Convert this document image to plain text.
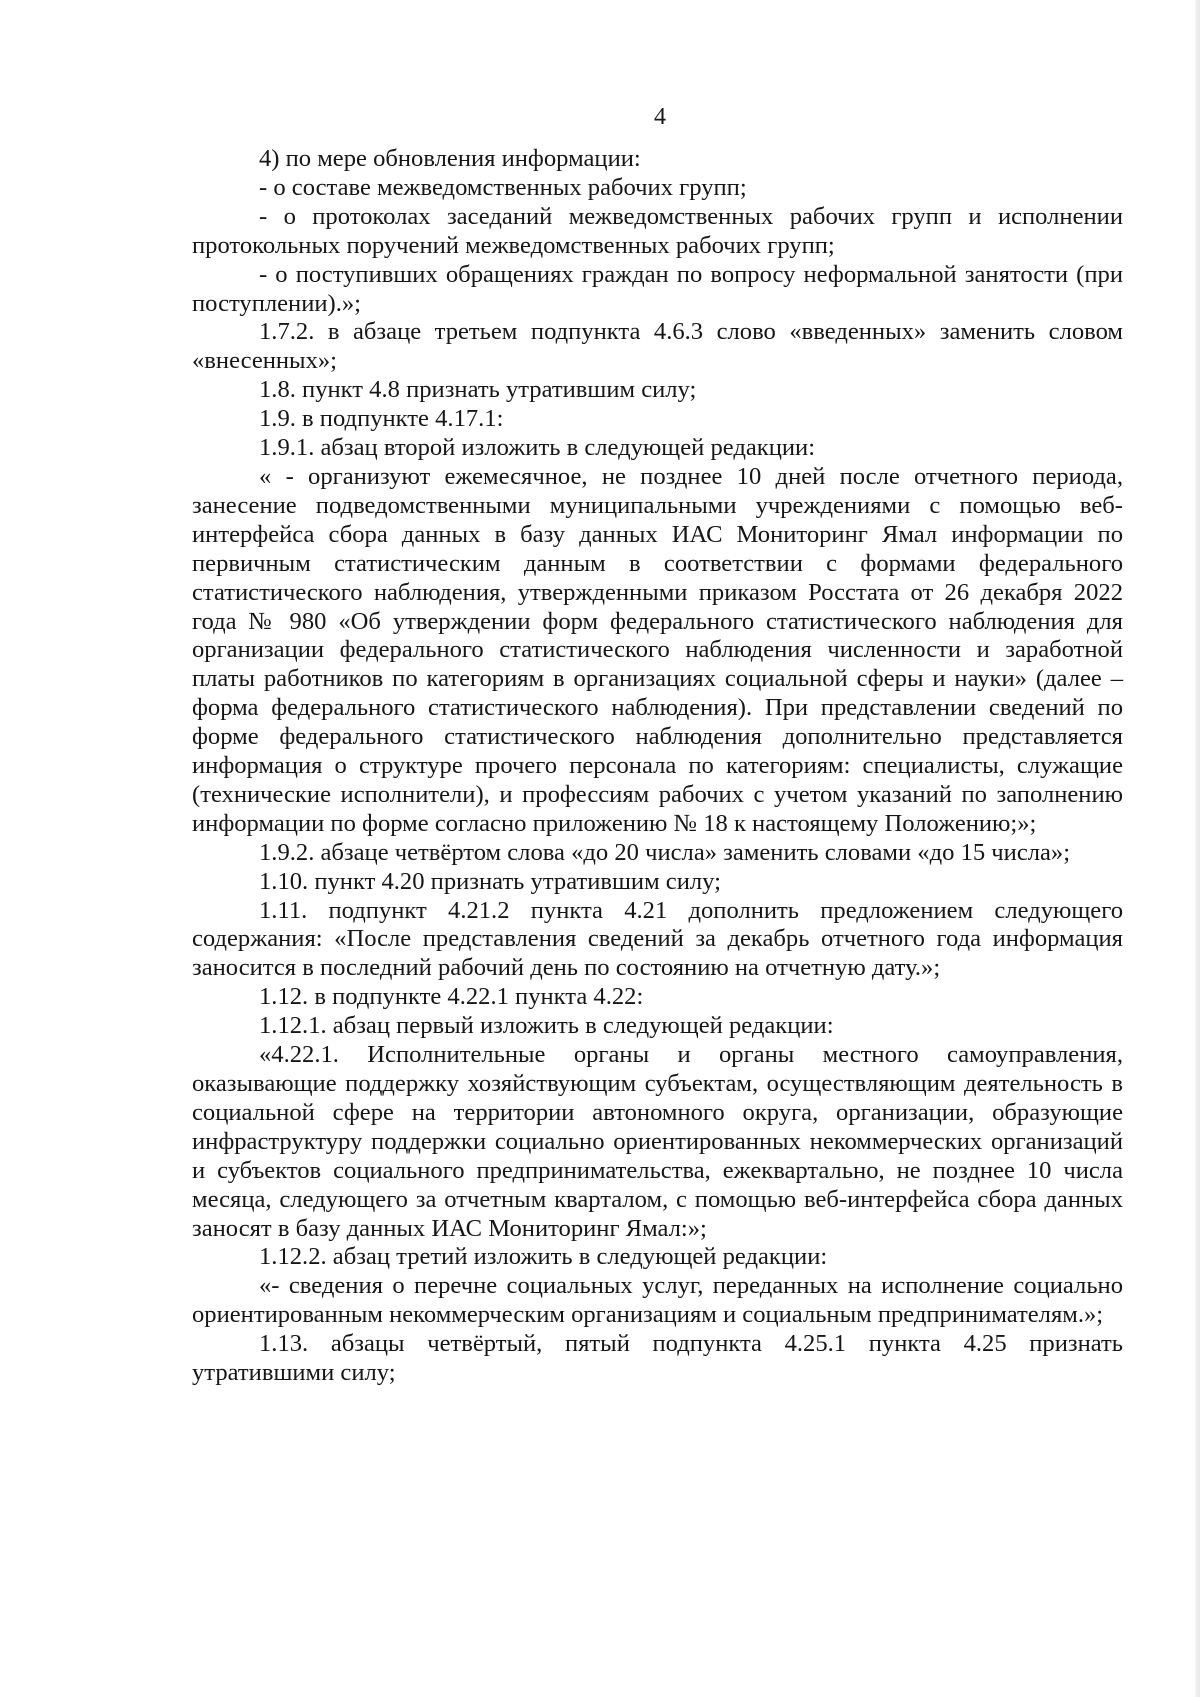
4

4) по мере обновления информации:

- о составе межведомственных рабочих групп;

- о протоколах заседаний межведомственных рабочих групп и исполнении протокольных поручений межведомственных рабочих групп;

- о поступивших обращениях граждан по вопросу неформальной занятости (при поступлении).»;

1.7.2. в абзаце третьем подпункта 4.6.3 слово «введенных» заменить словом «внесенных»;

1.8. пункт 4.8 признать утратившим силу;

1.9. в подпункте 4.17.1:

1.9.1. абзац второй изложить в следующей редакции:

« - организуют ежемесячное, не позднее 10 дней после отчетного периода, занесение подведомственными муниципальными учреждениями с помощью веб-интерфейса сбора данных в базу данных ИАС Мониторинг Ямал информации по первичным статистическим данным в соответствии с формами федерального статистического наблюдения, утвержденными приказом Росстата от 26 декабря 2022 года № 980 «Об утверждении форм федерального статистического наблюдения для организации федерального статистического наблюдения численности и заработной платы работников по категориям в организациях социальной сферы и науки» (далее – форма федерального статистического наблюдения). При представлении сведений по форме федерального статистического наблюдения дополнительно представляется информация о структуре прочего персонала по категориям: специалисты, служащие (технические исполнители), и профессиям рабочих с учетом указаний по заполнению информации по форме согласно приложению № 18 к настоящему Положению;»;

1.9.2. абзаце четвёртом слова «до 20 числа» заменить словами «до 15 числа»;

1.10. пункт 4.20 признать утратившим силу;

1.11. подпункт 4.21.2 пункта 4.21 дополнить предложением следующего содержания: «После представления сведений за декабрь отчетного года информация заносится в последний рабочий день по состоянию на отчетную дату.»;

1.12. в подпункте 4.22.1 пункта 4.22:

1.12.1. абзац первый изложить в следующей редакции:

«4.22.1. Исполнительные органы и органы местного самоуправления, оказывающие поддержку хозяйствующим субъектам, осуществляющим деятельность в социальной сфере на территории автономного округа, организации, образующие инфраструктуру поддержки социально ориентированных некоммерческих организаций и субъектов социального предпринимательства, ежеквартально, не позднее 10 числа месяца, следующего за отчетным кварталом, с помощью веб-интерфейса сбора данных заносят в базу данных ИАС Мониторинг Ямал:»;

1.12.2. абзац третий изложить в следующей редакции:

«- сведения о перечне социальных услуг, переданных на исполнение социально ориентированным некоммерческим организациям и социальным предпринимателям.»;

1.13. абзацы четвёртый, пятый подпункта 4.25.1 пункта 4.25 признать утратившими силу;
